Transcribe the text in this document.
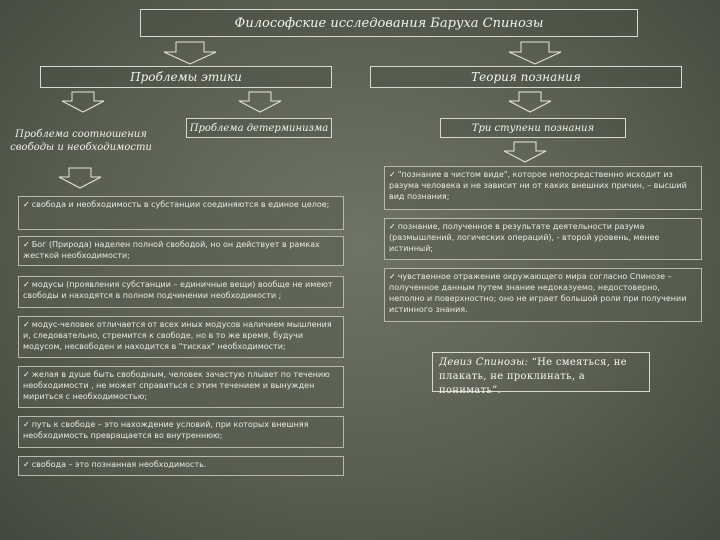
Философские исследования Баруха Спинозы
Проблемы этики	Теория познания
Проблема соотношения свободы и необходимости
Проблема детерминизма	Три ступени познания
✓ свобода и необходимость в субстанции соединяются в единое целое;
✓ Бог (Природа) наделен полной свободой, но он действует в рамках жесткой необходимости;
✓ модусы (проявления субстанции – единичные вещи) вообще не имеют свободы и находятся в полном подчинении необходимости ;
✓ модус-человек отличается от всех иных модусов наличием мышления и, следовательно, стремится к свободе, но в то же время, будучи модусом, несвободен и находится в "тисках" необходимости;
✓ желая в душе быть свободным, человек зачастую плывет по течению необходимости , не может справиться с этим течением и вынужден мириться с необходимостью;
✓ путь к свободе – это нахождение условий, при которых внешняя необходимость превращается во внутреннюю;
✓ свобода – это познанная необходимость.
✓ "познание в чистом виде", которое непосредственно исходит из разума человека и не зависит ни от каких внешних причин, – высший вид познания;
✓ познание, полученное в результате деятельности разума (размышлений, логических операций), - второй уровень, менее истинный;
✓ чувственное отражение окружающего мира согласно Спинозе – полученное данным путем знание недоказуемо, недостоверно, неполно и поверхностно; оно не играет большой роли при получении истинного знания.
Девиз Спинозы: “Не смеяться, не плакать, не проклинать, а понимать”.
